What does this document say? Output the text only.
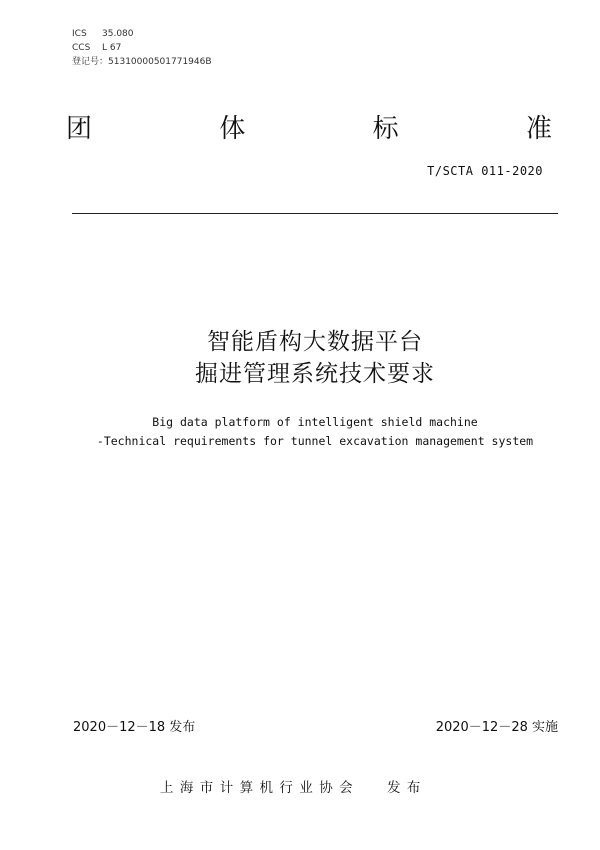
ICS	35.080
CCS	L 67
登记号： 51310000501771946B
团	体	标	准
T/SCTA 011-2020
智能盾构大数据平台
掘进管理系统技术要求
Big data platform of intelligent shield machine
-Technical requirements for tunnel excavation management system
2020－12－18 发布	2020－12－28 实施
上海市计算机行业协会 发布
